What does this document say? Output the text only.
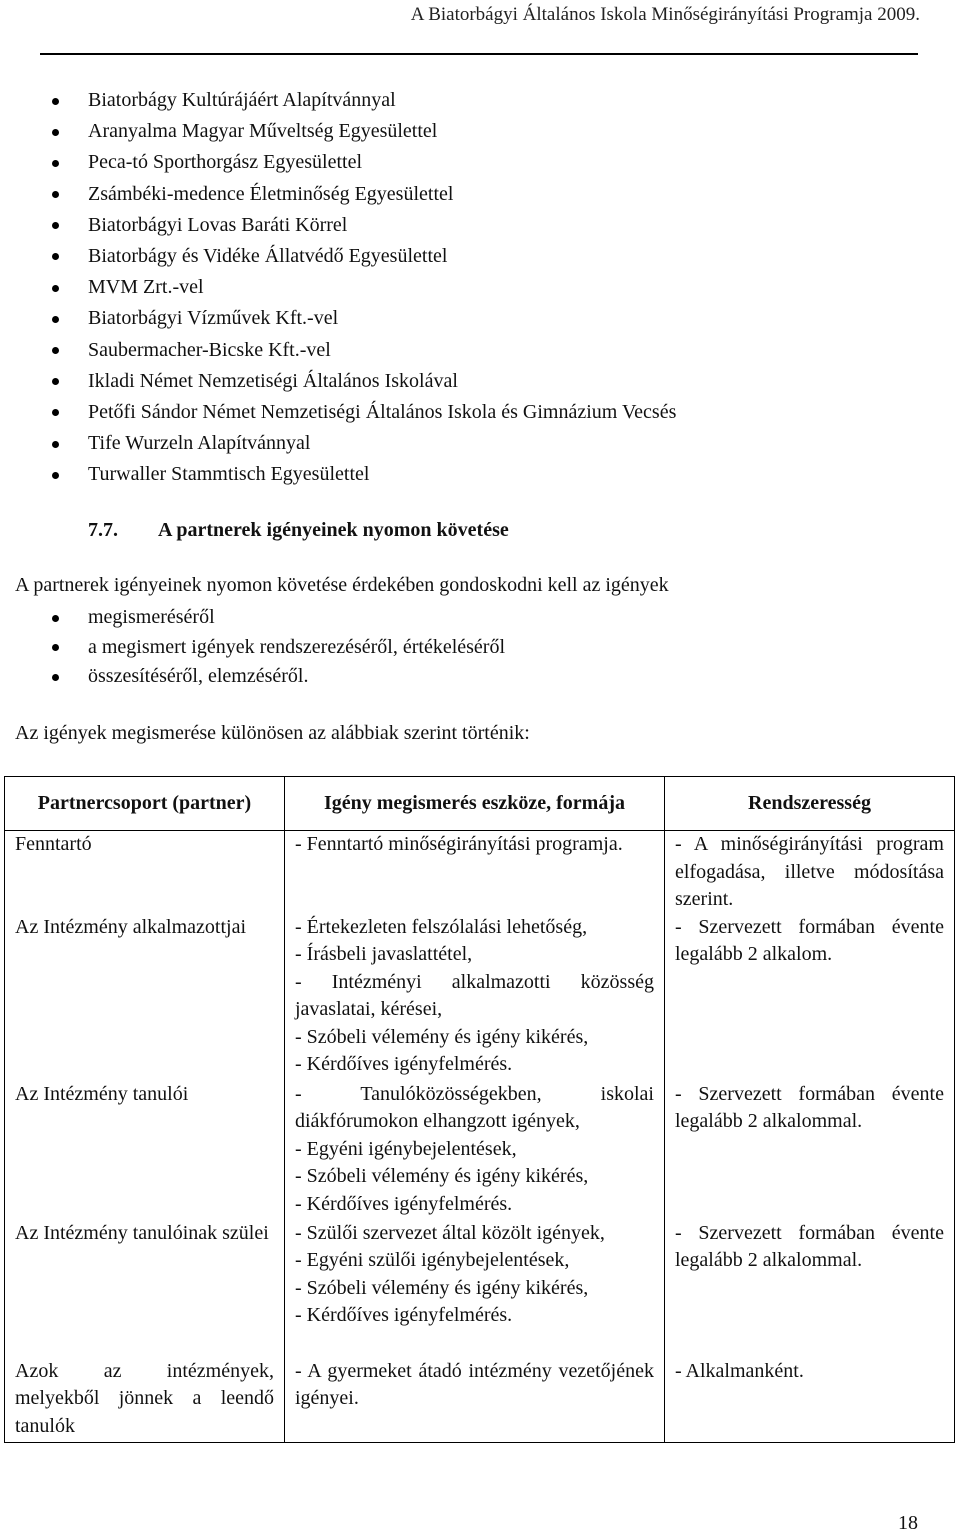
A Biatorbágyi Általános Iskola Minőségirányítási Programja 2009.
Biatorbágy Kultúrájáért Alapítvánnyal
Aranyalma Magyar Műveltség Egyesülettel
Peca-tó Sporthorgász Egyesülettel
Zsámbéki-medence Életminőség Egyesülettel
Biatorbágyi Lovas Baráti Körrel
Biatorbágy és Vidéke Állatvédő Egyesülettel
MVM Zrt.-vel
Biatorbágyi Vízművek Kft.-vel
Saubermacher-Bicske Kft.-vel
Ikladi Német Nemzetiségi Általános Iskolával
Petőfi Sándor Német Nemzetiségi Általános Iskola és Gimnázium Vecsés
Tife Wurzeln Alapítvánnyal
Turwaller Stammtisch Egyesülettel
7.7. A partnerek igényeinek nyomon követése
A partnerek igényeinek nyomon követése érdekében gondoskodni kell az igények
megismeréséről
a megismert igények rendszerezéséről, értékeléséről
összesítéséről, elemzéséről.
Az igények megismerése különösen az alábbiak szerint történik:
Partnercsoport (partner)	Igény megismerés eszköze, formája	Rendszeresség

Fenntartó	- Fenntartó minőségirányítási programja.	- A minőségirányítási program elfogadása, illetve módosítása szerint.

Az Intézmény alkalmazottjai	- Értekezleten felszólalási lehetőség,
- Írásbeli javaslattétel,
- Intézményi alkalmazotti közösség javaslatai, kérései,
- Szóbeli vélemény és igény kikérés,
- Kérdőíves igényfelmérés.	- Szervezett formában évente legalább 2 alkalom.

Az Intézmény tanulói	- Tanulóközösségekben, iskolai diákfórumokon elhangzott igények,
- Egyéni igénybejelentések,
- Szóbeli vélemény és igény kikérés,
- Kérdőíves igényfelmérés.	- Szervezett formában évente legalább 2 alkalommal.

Az Intézmény tanulóinak szülei	- Szülői szervezet által közölt igények,
- Egyéni szülői igénybejelentések,
- Szóbeli vélemény és igény kikérés,
- Kérdőíves igényfelmérés.	- Szervezett formában évente legalább 2 alkalommal.

Azok az intézmények, melyekből jönnek a leendő tanulók	- A gyermeket átadó intézmény vezetőjének igényei.	- Alkalmanként.
18
